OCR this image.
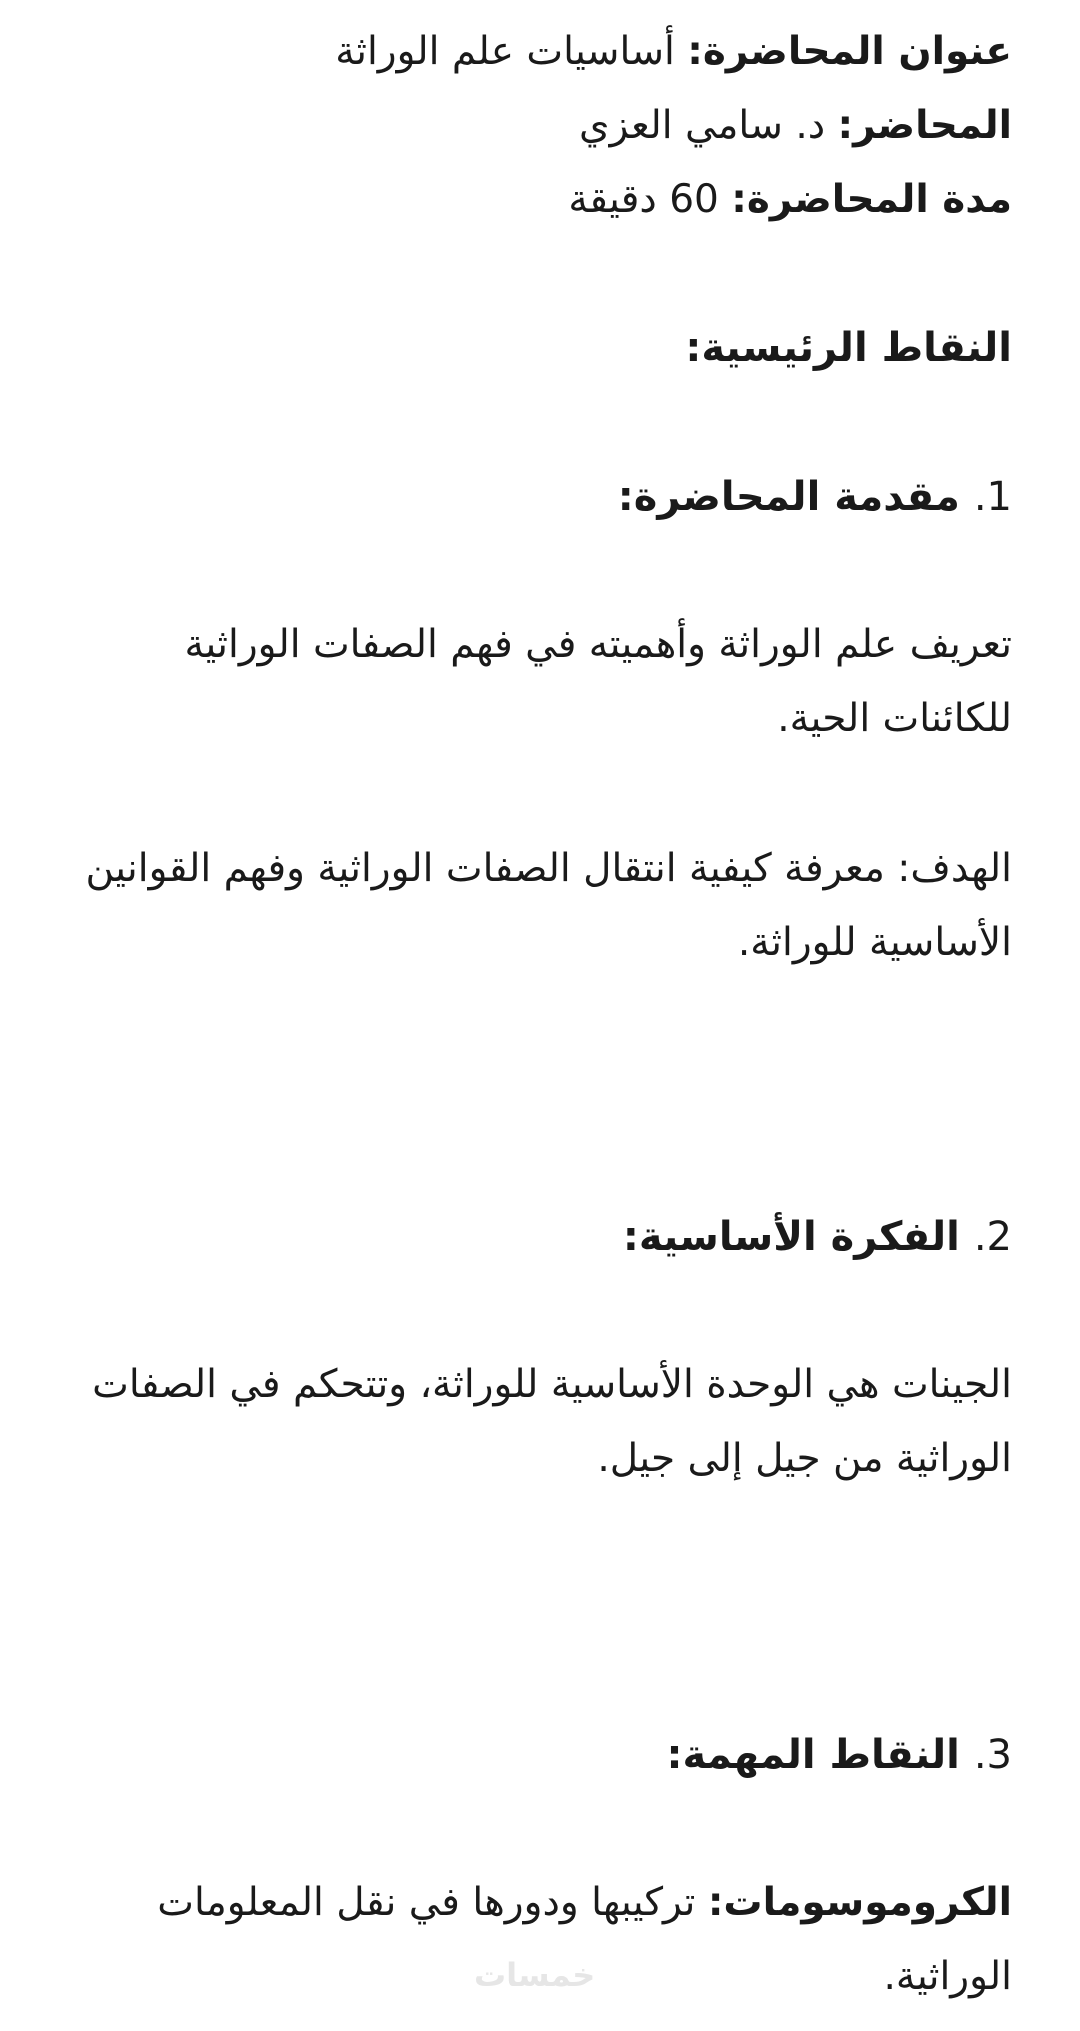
عنوان المحاضرة: أساسيات علم الوراثة
المحاضر: د. سامي العزي
مدة المحاضرة: 60 دقيقة
النقاط الرئيسية:
1. مقدمة المحاضرة:
تعريف علم الوراثة وأهميته في فهم الصفات الوراثية للكائنات الحية.
الهدف: معرفة كيفية انتقال الصفات الوراثية وفهم القوانين الأساسية للوراثة.
2. الفكرة الأساسية:
الجينات هي الوحدة الأساسية للوراثة، وتتحكم في الصفات الوراثية من جيل إلى جيل.
3. النقاط المهمة:
الكروموسومات: تركيبها ودورها في نقل المعلومات الوراثية.
خمسات
